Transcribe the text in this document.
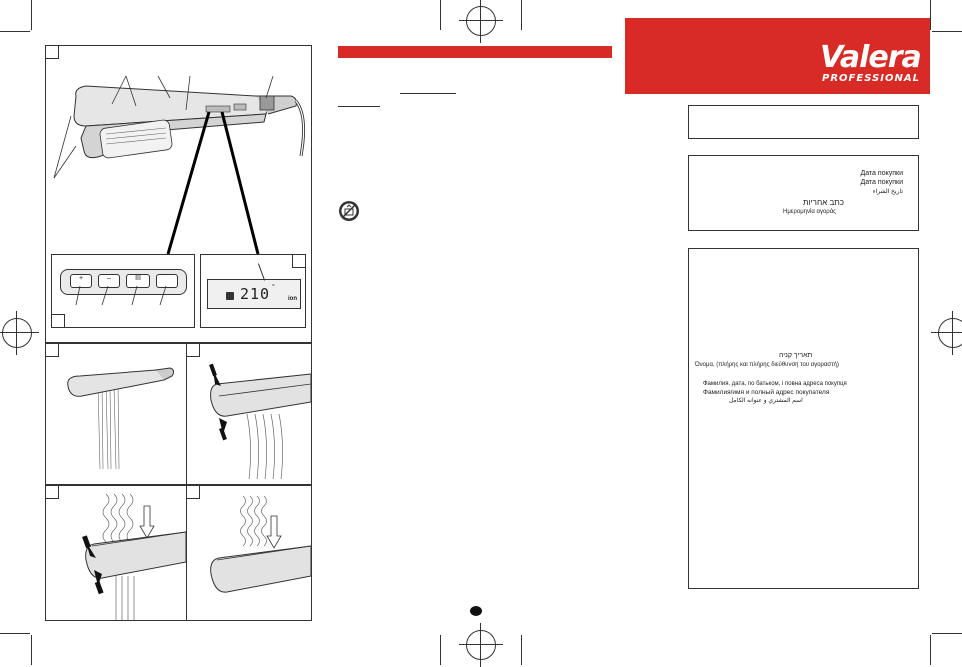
Valera
PROFESSIONAL
+	–	III
210 °
ion
Дата покупки
Дата покупки
تاريخ الشراء
כתב אחריות
Ημερομηνία αγοράς
תאריך קניה
Όνομα, (πλήρης και πλήρης διεύθυνση του αγοραστή)
Фамилия, дата, по батьком, і повна адреса покупця
Фамилия/имя и полный адрес покупателя
اسم المشتري و عنوانه الكامل
